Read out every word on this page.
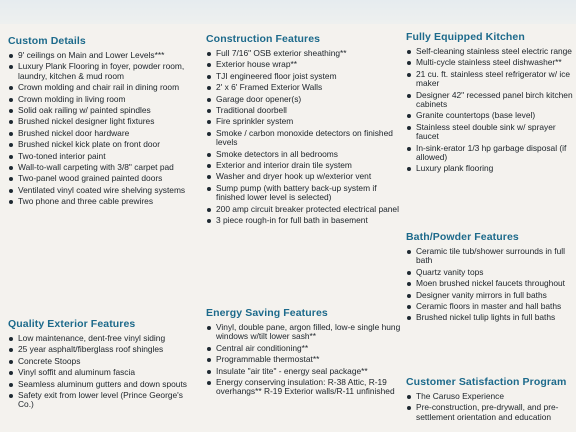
Custom Details
9' ceilings on Main and Lower Levels***
Luxury Plank Flooring in foyer, powder room, laundry, kitchen & mud room
Crown molding and chair rail in dining room
Crown molding in living room
Solid oak railing w/ painted spindles
Brushed nickel designer light fixtures
Brushed nickel door hardware
Brushed nickel kick plate on front door
Two-toned interior paint
Wall-to-wall carpeting with 3/8" carpet pad
Two-panel wood grained painted doors
Ventilated vinyl coated wire shelving systems
Two phone and three cable prewires
Quality Exterior Features
Low maintenance, dent-free vinyl siding
25 year asphalt/fiberglass roof shingles
Concrete Stoops
Vinyl soffit and aluminum fascia
Seamless aluminum gutters and down spouts
Safety exit from lower level (Prince George's Co.)
Construction Features
Full 7/16" OSB exterior sheathing**
Exterior house wrap**
TJI engineered floor joist system
2' x 6' Framed Exterior Walls
Garage door opener(s)
Traditional doorbell
Fire sprinkler system
Smoke / carbon monoxide detectors on finished levels
Smoke detectors in all bedrooms
Exterior and interior drain tile system
Washer and dryer hook up w/exterior vent
Sump pump (with battery back-up system if finished lower level is selected)
200 amp circuit breaker protected electrical panel
3 piece rough-in for full bath in basement
Energy Saving Features
Vinyl, double pane, argon filled, low-e single hung windows w/tilt lower sash**
Central air conditioning**
Programmable thermostat**
Insulate "air tite" - energy seal package**
Energy conserving insulation: R-38 Attic, R-19 overhangs** R-19 Exterior walls/R-11 unfinished
Fully Equipped Kitchen
Self-cleaning stainless steel electric range
Multi-cycle stainless steel dishwasher**
21 cu. ft. stainless steel refrigerator w/ ice maker
Designer 42" recessed panel birch kitchen cabinets
Granite countertops (base level)
Stainless steel double sink w/ sprayer faucet
In-sink-erator 1/3 hp garbage disposal (if allowed)
Luxury plank flooring
Bath/Powder Features
Ceramic tile tub/shower surrounds in full bath
Quartz vanity tops
Moen brushed nickel faucets throughout
Designer vanity mirrors in full baths
Ceramic floors in master and hall baths
Brushed nickel tulip lights in full baths
Customer Satisfaction Program
The Caruso Experience
Pre-construction, pre-drywall, and pre-settlement orientation and education
